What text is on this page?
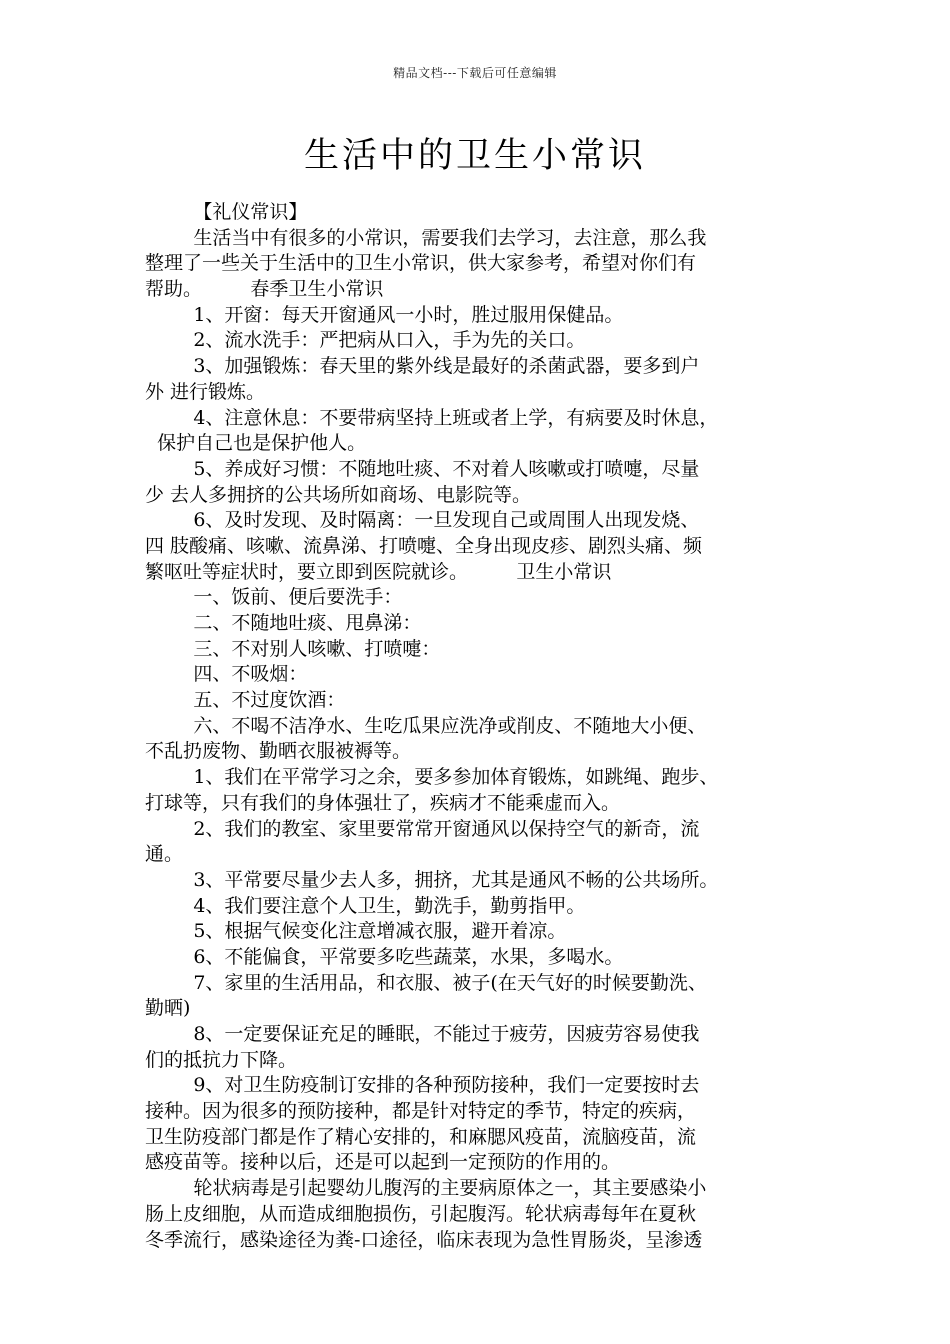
精品文档---下载后可任意编辑
生活中的卫生小常识
【礼仪常识】
生活当中有很多的小常识，需要我们去学习，去注意，那么我
整理了一些关于生活中的卫生小常识，供大家参考，希望对你们有
帮助。        春季卫生小常识
1、开窗：每天开窗通风一小时，胜过服用保健品。
2、流水洗手：严把病从口入，手为先的关口。
3、加强锻炼：春天里的紫外线是最好的杀菌武器，要多到户
外 进行锻炼。
4、注意休息：不要带病坚持上班或者上学，有病要及时休息，
保护自己也是保护他人。
5、养成好习惯：不随地吐痰、不对着人咳嗽或打喷嚏，尽量
少 去人多拥挤的公共场所如商场、电影院等。
6、及时发现、及时隔离：一旦发现自己或周围人出现发烧、
四 肢酸痛、咳嗽、流鼻涕、打喷嚏、全身出现皮疹、剧烈头痛、频
繁呕吐等症状时，要立即到医院就诊。        卫生小常识
一、饭前、便后要洗手：
二、不随地吐痰、甩鼻涕：
三、不对别人咳嗽、打喷嚏：
四、不吸烟：
五、不过度饮酒：
六、不喝不洁净水、生吃瓜果应洗净或削皮、不随地大小便、
不乱扔废物、勤晒衣服被褥等。
1、我们在平常学习之余，要多参加体育锻炼，如跳绳、跑步、
打球等，只有我们的身体强壮了，疾病才不能乘虚而入。
2、我们的教室、家里要常常开窗通风以保持空气的新奇，流
通。
3、平常要尽量少去人多，拥挤，尤其是通风不畅的公共场所。
4、我们要注意个人卫生，勤洗手，勤剪指甲。
5、根据气候变化注意增减衣服，避开着凉。
6、不能偏食，平常要多吃些蔬菜，水果，多喝水。
7、家里的生活用品，和衣服、被子(在天气好的时候要勤洗、
勤晒)
8、一定要保证充足的睡眠，不能过于疲劳，因疲劳容易使我
们的抵抗力下降。
9、对卫生防疫制订安排的各种预防接种，我们一定要按时去
接种。因为很多的预防接种，都是针对特定的季节，特定的疾病，
卫生防疫部门都是作了精心安排的，和麻腮风疫苗，流脑疫苗，流
感疫苗等。接种以后，还是可以起到一定预防的作用的。
轮状病毒是引起婴幼儿腹泻的主要病原体之一，其主要感染小
肠上皮细胞，从而造成细胞损伤，引起腹泻。轮状病毒每年在夏秋
冬季流行，感染途径为粪-口途径，临床表现为急性胃肠炎，呈渗透
